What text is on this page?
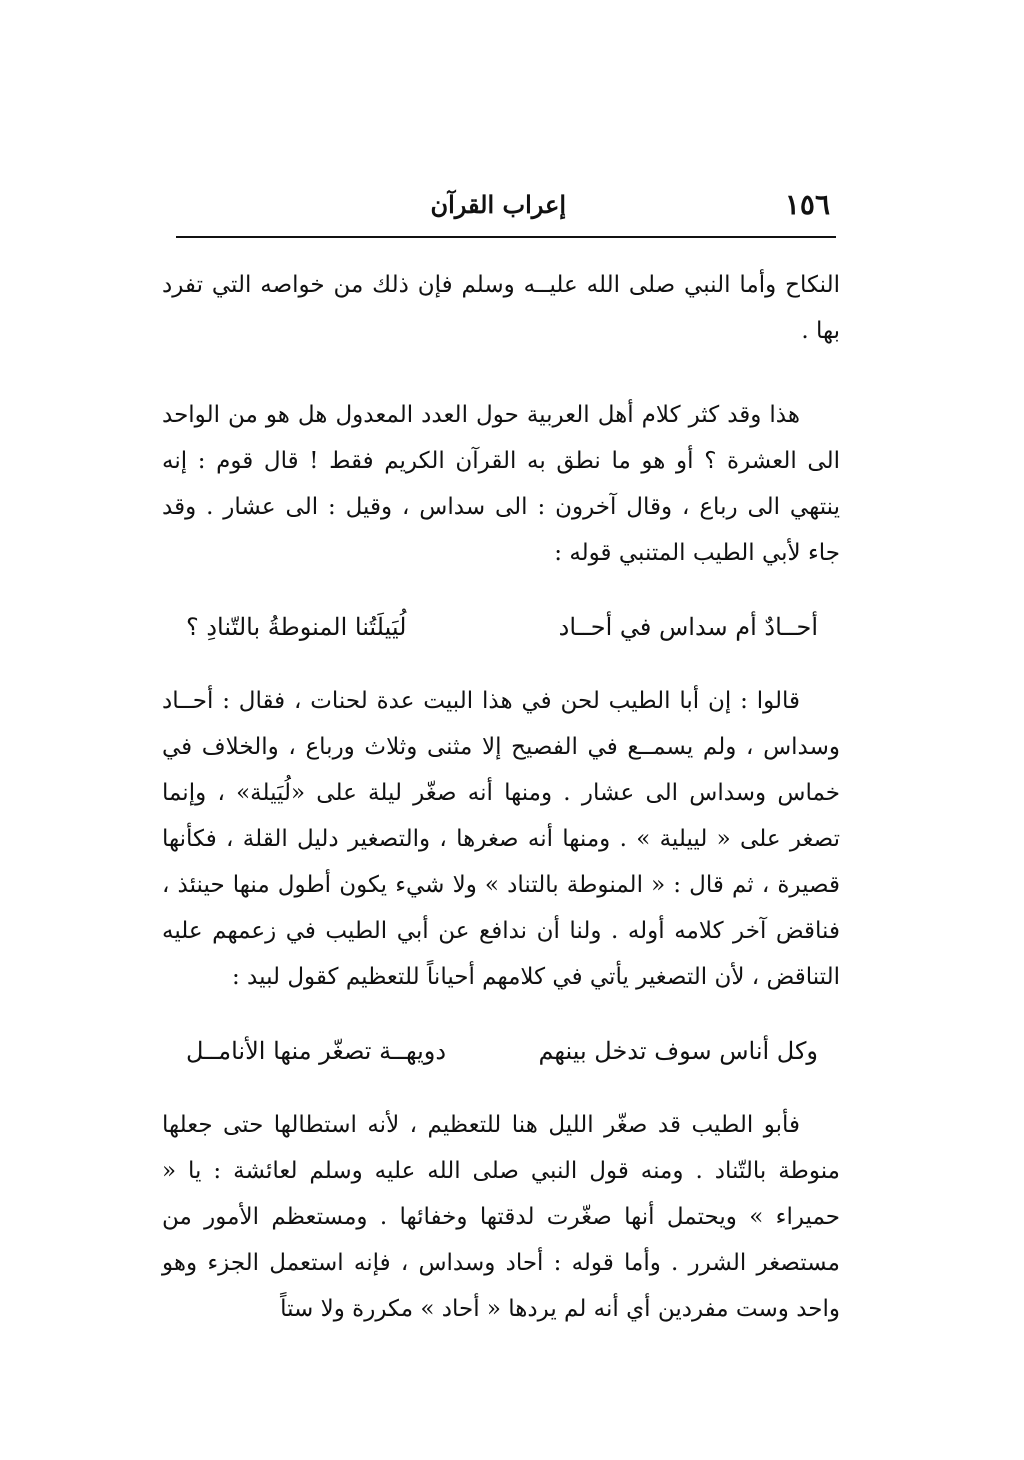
١٥٦
إعراب القرآن

النكاح وأما النبي صلى الله عليــه وسلم فإن ذلك من خواصه التي تفرد بها .

هذا وقد كثر كلام أهل العربية حول العدد المعدول هل هو من الواحد الى العشرة ؟ أو هو ما نطق به القرآن الكريم فقط ! قال قوم : إنه ينتهي الى رباع ، وقال آخرون : الى سداس ، وقيل : الى عشار . وقد جاء لأبي الطيب المتنبي قوله :

أحــادٌ أم سداس في أحــاد
لُيَيلَتُنا المنوطةُ بالتّنادِ ؟

قالوا : إن أبا الطيب لحن في هذا البيت عدة لحنات ، فقال : أحــاد وسداس ، ولم يسمــع في الفصيح إلا مثنى وثلاث ورباع ، والخلاف في خماس وسداس الى عشار . ومنها أنه صغّر ليلة على «لُيَيلة» ، وإنما تصغر على « لييلية » . ومنها أنه صغرها ، والتصغير دليل القلة ، فكأنها قصيرة ، ثم قال : « المنوطة بالتناد » ولا شيء يكون أطول منها حينئذ ، فناقض آخر كلامه أوله . ولنا أن ندافع عن أبي الطيب في زعمهم عليه التناقض ، لأن التصغير يأتي في كلامهم أحياناً للتعظيم كقول لبيد :

وكل أناس سوف تدخل بينهم
دويهــة تصغّر منها الأنامــل

فأبو الطيب قد صغّر الليل هنا للتعظيم ، لأنه استطالها حتى جعلها منوطة بالتّناد . ومنه قول النبي صلى الله عليه وسلم لعائشة : يا « حميراء » ويحتمل أنها صغّرت لدقتها وخفائها . ومستعظم الأمور من مستصغر الشرر . وأما قوله : أحاد وسداس ، فإنه استعمل الجزء وهو واحد وست مفردين أي أنه لم يردها « أحاد » مكررة ولا ستاً
